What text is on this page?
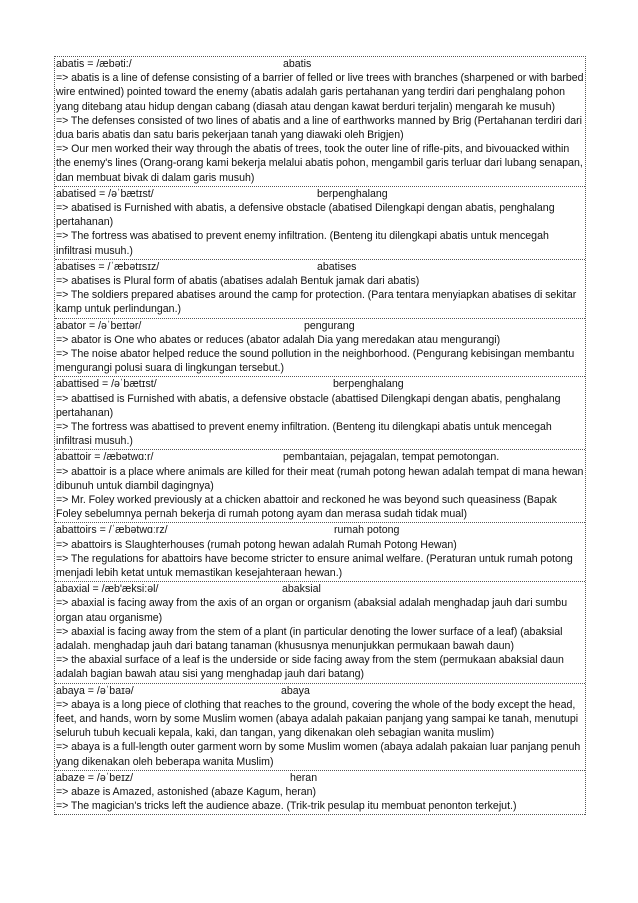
abatis = /æbəti:/	abatis

=> abatis is a line of defense consisting of a barrier of felled or live trees with branches (sharpened or with barbed wire entwined) pointed toward the enemy (abatis adalah garis pertahanan yang terdiri dari penghalang pohon yang ditebang atau hidup dengan cabang (diasah atau dengan kawat berduri terjalin) mengarah ke musuh)

=> The defenses consisted of two lines of abatis and a line of earthworks manned by Brig (Pertahanan terdiri dari dua baris abatis dan satu baris pekerjaan tanah yang diawaki oleh Brigjen)

=> Our men worked their way through the abatis of trees, took the outer line of rifle-pits, and bivouacked within the enemy's lines (Orang-orang kami bekerja melalui abatis pohon, mengambil garis terluar dari lubang senapan, dan membuat bivak di dalam garis musuh)

abatised = /əˈbætɪst/	berpenghalang

=> abatised is Furnished with abatis, a defensive obstacle (abatised Dilengkapi dengan abatis, penghalang pertahanan)

=> The fortress was abatised to prevent enemy infiltration. (Benteng itu dilengkapi abatis untuk mencegah infiltrasi musuh.)

abatises = /ˈæbətɪsɪz/	abatises

=> abatises is Plural form of abatis (abatises adalah Bentuk jamak dari abatis)

=> The soldiers prepared abatises around the camp for protection. (Para tentara menyiapkan abatises di sekitar kamp untuk perlindungan.)

abator = /əˈbeɪtər/	pengurang

=> abator is One who abates or reduces (abator adalah Dia yang meredakan atau mengurangi)

=> The noise abator helped reduce the sound pollution in the neighborhood. (Pengurang kebisingan membantu mengurangi polusi suara di lingkungan tersebut.)

abattised = /əˈbætɪst/	berpenghalang

=> abattised is Furnished with abatis, a defensive obstacle (abattised Dilengkapi dengan abatis, penghalang pertahanan)

=> The fortress was abattised to prevent enemy infiltration. (Benteng itu dilengkapi abatis untuk mencegah infiltrasi musuh.)

abattoir = /æbətwɑ:r/	pembantaian, pejagalan, tempat pemotongan.

=> abattoir is a place where animals are killed for their meat (rumah potong hewan adalah tempat di mana hewan dibunuh untuk diambil dagingnya)

=> Mr. Foley worked previously at a chicken abattoir and reckoned he was beyond such queasiness (Bapak Foley sebelumnya pernah bekerja di rumah potong ayam dan merasa sudah tidak mual)

abattoirs = /ˈæbətwɑːrz/	rumah potong

=> abattoirs is Slaughterhouses (rumah potong hewan adalah Rumah Potong Hewan)

=> The regulations for abattoirs have become stricter to ensure animal welfare. (Peraturan untuk rumah potong menjadi lebih ketat untuk memastikan kesejahteraan hewan.)

abaxial = /æb'æksi:əl/	abaksial

=> abaxial is facing away from the axis of an organ or organism (abaksial adalah menghadap jauh dari sumbu organ atau organisme)

=> abaxial is facing away from the stem of a plant (in particular denoting the lower surface of a leaf) (abaksial adalah. menghadap jauh dari batang tanaman (khususnya menunjukkan permukaan bawah daun)

=> the abaxial surface of a leaf is the underside or side facing away from the stem (permukaan abaksial daun adalah bagian bawah atau sisi yang menghadap jauh dari batang)

abaya = /əˈbaɪə/	abaya

=> abaya is a long piece of clothing that reaches to the ground, covering the whole of the body except the head, feet, and hands, worn by some Muslim women (abaya adalah pakaian panjang yang sampai ke tanah, menutupi seluruh tubuh kecuali kepala, kaki, dan tangan, yang dikenakan oleh sebagian wanita muslim)

=> abaya is a full-length outer garment worn by some Muslim women (abaya adalah pakaian luar panjang penuh yang dikenakan oleh beberapa wanita Muslim)

abaze = /əˈbeɪz/	heran

=> abaze is Amazed, astonished (abaze Kagum, heran)

=> The magician's tricks left the audience abaze. (Trik-trik pesulap itu membuat penonton terkejut.)
